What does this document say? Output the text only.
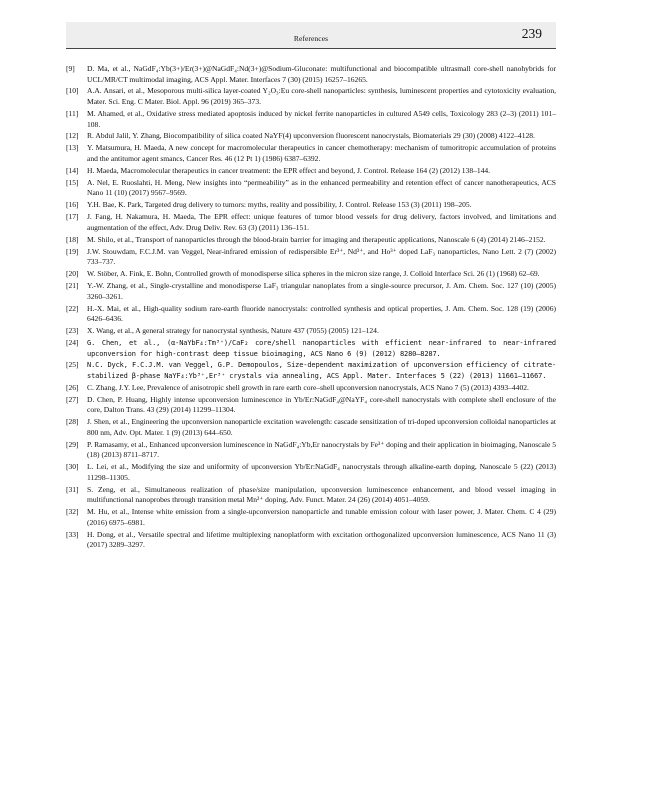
References	239
[9]	D. Ma, et al., NaGdF₄:Yb(3+)/Er(3+)@NaGdF₄:Nd(3+)@Sodium-Gluconate: multifunctional and biocompatible ultrasmall core-shell nanohybrids for UCL/MR/CT multimodal imaging, ACS Appl. Mater. Interfaces 7 (30) (2015) 16257–16265.
[10]	A.A. Ansari, et al., Mesoporous multi-silica layer-coated Y₂O₃:Eu core-shell nanoparticles: synthesis, luminescent properties and cytotoxicity evaluation, Mater. Sci. Eng. C Mater. Biol. Appl. 96 (2019) 365–373.
[11]	M. Ahamed, et al., Oxidative stress mediated apoptosis induced by nickel ferrite nanoparticles in cultured A549 cells, Toxicology 283 (2–3) (2011) 101–108.
[12]	R. Abdul Jalil, Y. Zhang, Biocompatibility of silica coated NaYF(4) upconversion fluorescent nanocrystals, Biomaterials 29 (30) (2008) 4122–4128.
[13]	Y. Matsumura, H. Maeda, A new concept for macromolecular therapeutics in cancer chemotherapy: mechanism of tumoritropic accumulation of proteins and the antitumor agent smancs, Cancer Res. 46 (12 Pt 1) (1986) 6387–6392.
[14]	H. Maeda, Macromolecular therapeutics in cancer treatment: the EPR effect and beyond, J. Control. Release 164 (2) (2012) 138–144.
[15]	A. Nel, E. Ruoslahti, H. Meng, New insights into “permeability” as in the enhanced permeability and retention effect of cancer nanotherapeutics, ACS Nano 11 (10) (2017) 9567–9569.
[16]	Y.H. Bae, K. Park, Targeted drug delivery to tumors: myths, reality and possibility, J. Control. Release 153 (3) (2011) 198–205.
[17]	J. Fang, H. Nakamura, H. Maeda, The EPR effect: unique features of tumor blood vessels for drug delivery, factors involved, and limitations and augmentation of the effect, Adv. Drug Deliv. Rev. 63 (3) (2011) 136–151.
[18]	M. Shilo, et al., Transport of nanoparticles through the blood-brain barrier for imaging and therapeutic applications, Nanoscale 6 (4) (2014) 2146–2152.
[19]	J.W. Stouwdam, F.C.J.M. van Veggel, Near-infrared emission of redispersible Er³⁺, Nd³⁺, and Ho³⁺ doped LaF₃ nanoparticles, Nano Lett. 2 (7) (2002) 733–737.
[20]	W. Stöber, A. Fink, E. Bohn, Controlled growth of monodisperse silica spheres in the micron size range, J. Colloid Interface Sci. 26 (1) (1968) 62–69.
[21]	Y.-W. Zhang, et al., Single-crystalline and monodisperse LaF₃ triangular nanoplates from a single-source precursor, J. Am. Chem. Soc. 127 (10) (2005) 3260–3261.
[22]	H.-X. Mai, et al., High-quality sodium rare-earth fluoride nanocrystals: controlled synthesis and optical properties, J. Am. Chem. Soc. 128 (19) (2006) 6426–6436.
[23]	X. Wang, et al., A general strategy for nanocrystal synthesis, Nature 437 (7055) (2005) 121–124.
[24]	G. Chen, et al., (α-NaYbF₄:Tm³⁺)/CaF₂ core/shell nanoparticles with efficient near-infrared to near-infrared upconversion for high-contrast deep tissue bioimaging, ACS Nano 6 (9) (2012) 8280–8287.
[25]	N.C. Dyck, F.C.J.M. van Veggel, G.P. Demopoulos, Size-dependent maximization of upconversion efficiency of citrate-stabilized β-phase NaYF₄:Yb³⁺,Er³⁺ crystals via annealing, ACS Appl. Mater. Interfaces 5 (22) (2013) 11661–11667.
[26]	C. Zhang, J.Y. Lee, Prevalence of anisotropic shell growth in rare earth core–shell upconversion nanocrystals, ACS Nano 7 (5) (2013) 4393–4402.
[27]	D. Chen, P. Huang, Highly intense upconversion luminescence in Yb/Er:NaGdF₄@NaYF₄ core-shell nanocrystals with complete shell enclosure of the core, Dalton Trans. 43 (29) (2014) 11299–11304.
[28]	J. Shen, et al., Engineering the upconversion nanoparticle excitation wavelength: cascade sensitization of tri-doped upconversion colloidal nanoparticles at 800 nm, Adv. Opt. Mater. 1 (9) (2013) 644–650.
[29]	P. Ramasamy, et al., Enhanced upconversion luminescence in NaGdF₄:Yb,Er nanocrystals by Fe³⁺ doping and their application in bioimaging, Nanoscale 5 (18) (2013) 8711–8717.
[30]	L. Lei, et al., Modifying the size and uniformity of upconversion Yb/Er:NaGdF₄ nanocrystals through alkaline-earth doping, Nanoscale 5 (22) (2013) 11298–11305.
[31]	S. Zeng, et al., Simultaneous realization of phase/size manipulation, upconversion luminescence enhancement, and blood vessel imaging in multifunctional nanoprobes through transition metal Mn²⁺ doping, Adv. Funct. Mater. 24 (26) (2014) 4051–4059.
[32]	M. Hu, et al., Intense white emission from a single-upconversion nanoparticle and tunable emission colour with laser power, J. Mater. Chem. C 4 (29) (2016) 6975–6981.
[33]	H. Dong, et al., Versatile spectral and lifetime multiplexing nanoplatform with excitation orthogonalized upconversion luminescence, ACS Nano 11 (3) (2017) 3289–3297.
